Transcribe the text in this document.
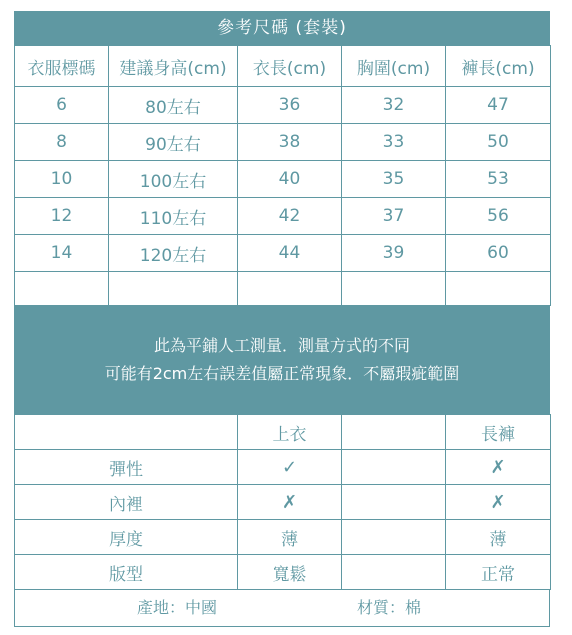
參考尺碼 (套裝)
衣服標碼	建議身高(cm)	衣長(cm)	胸圍(cm)	褲長(cm)
6	80左右	36	32	47
8	90左右	38	33	50
10	100左右	40	35	53
12	110左右	42	37	56
14	120左右	44	39	60

此為平鋪人工測量．測量方式的不同
可能有2cm左右誤差值屬正常現象．不屬瑕疵範圍
	上衣		長褲
彈性	✓		✗
內裡	✗		✗
厚度	薄		薄
版型	寬鬆		正常
產地：中國	材質：棉
